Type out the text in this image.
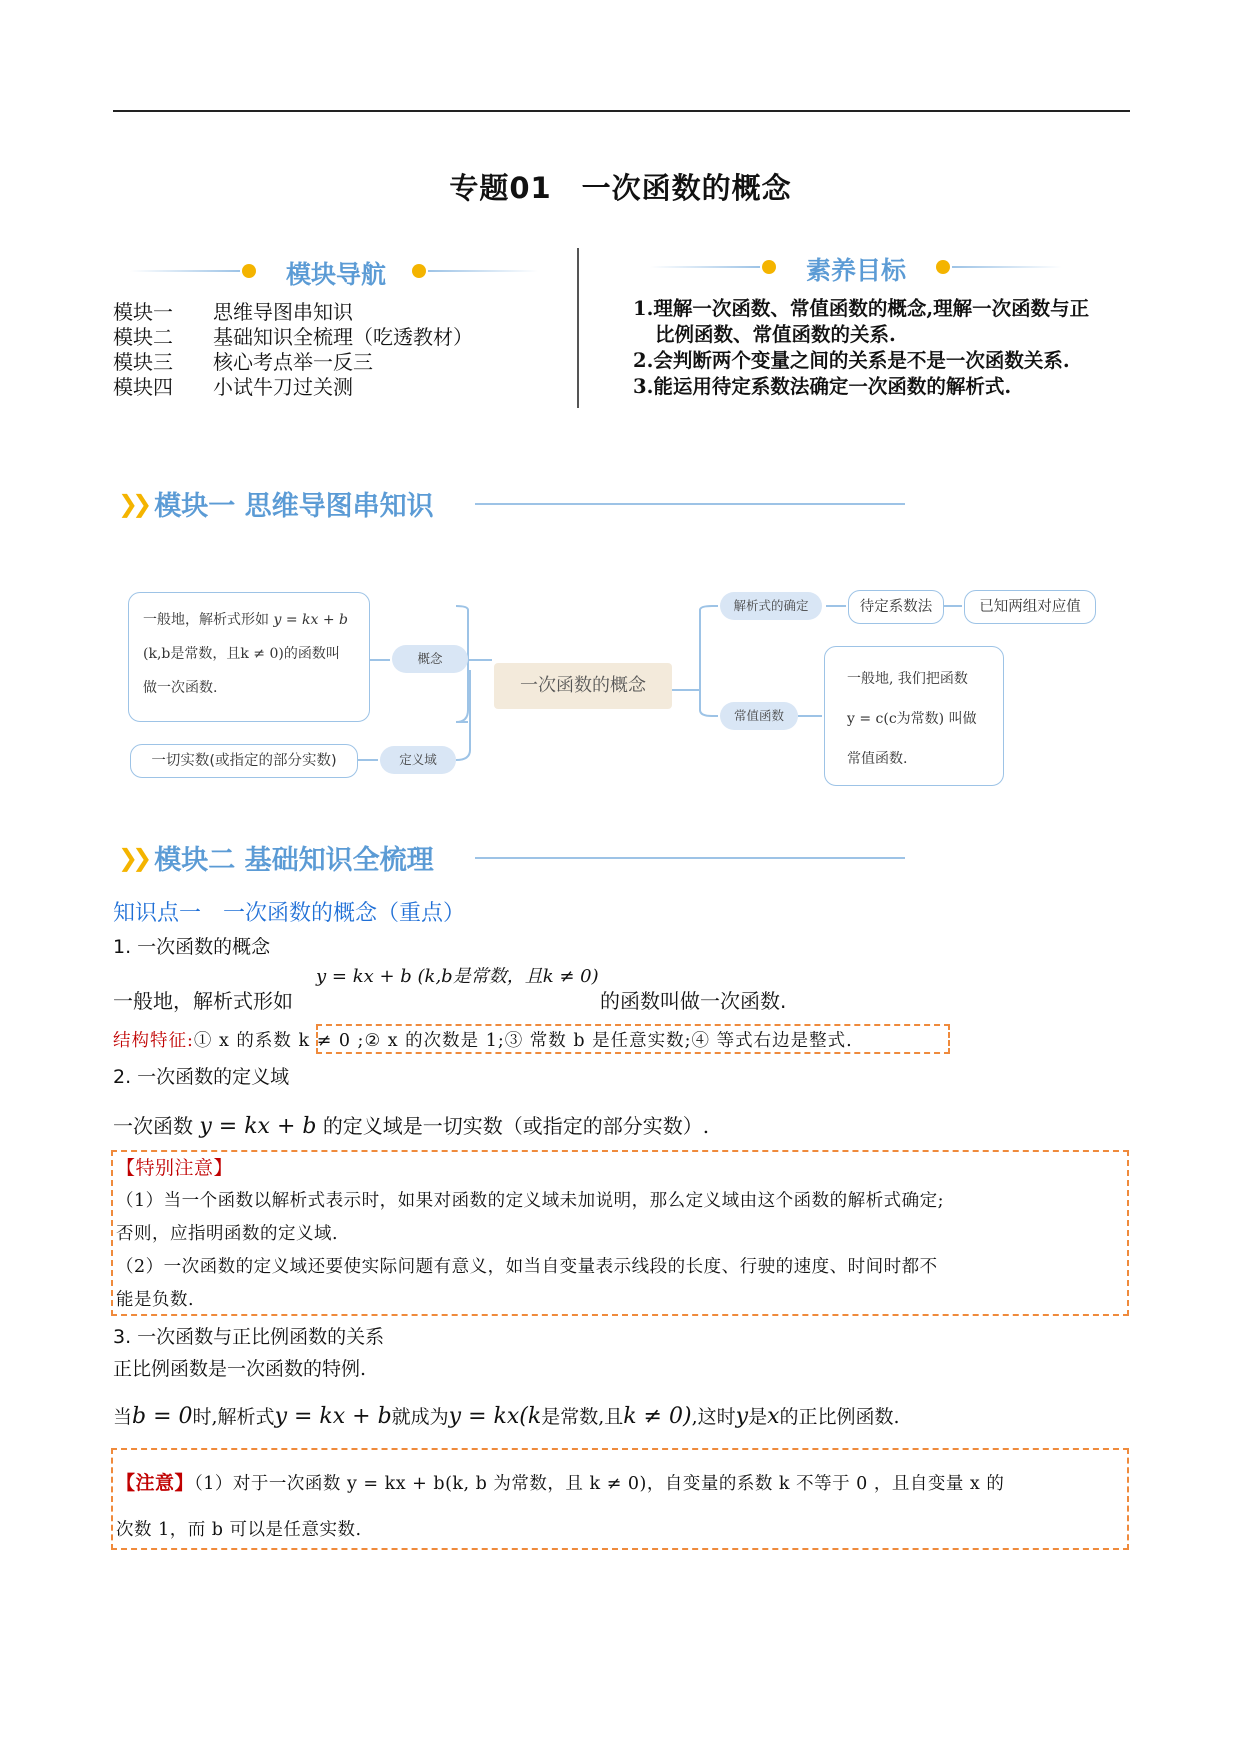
专题01 一次函数的概念
模块导航
模块一	思维导图串知识
模块二	基础知识全梳理（吃透教材）
模块三	核心考点举一反三
模块四	小试牛刀过关测
素养目标

1.理解一次函数、常值函数的概念,理解一次函数与正

比例函数、常值函数的关系.

2.会判断两个变量之间的关系是不是一次函数关系.

3.能运用待定系数法确定一次函数的解析式.

❯❯ 模块一 思维导图串知识
一般地，解析式形如 y = kx + b
(k,b是常数，且k ≠ 0)的函数叫
做一次函数.
概念
一切实数(或指定的部分实数)	定义域
一次函数的概念
解析式的确定	待定系数法	已知两组对应值
常值函数
一般地, 我们把函数
y = c(c为常数) 叫做
常值函数.
❯❯ 模块二 基础知识全梳理
知识点一　一次函数的概念（重点）
1. 一次函数的概念
一般地，解析式形如
y = kx + b (k,b是常数，且k ≠ 0)
的函数叫做一次函数.
结构特征:① x 的系数 k ≠ 0 ;② x 的次数是 1;③ 常数 b 是任意实数;④ 等式右边是整式.
2. 一次函数的定义域
一次函数 y = kx + b 的定义域是一切实数（或指定的部分实数）.
【特别注意】
（1）当一个函数以解析式表示时，如果对函数的定义域未加说明，那么定义域由这个函数的解析式确定;
否则，应指明函数的定义域.
（2）一次函数的定义域还要使实际问题有意义，如当自变量表示线段的长度、行驶的速度、时间时都不
能是负数.
3. 一次函数与正比例函数的关系
正比例函数是一次函数的特例.
当b = 0时,解析式y = kx + b就成为y = kx(k是常数,且k ≠ 0),这时y是x的正比例函数.
【注意】（1）对于一次函数 y = kx + b(k, b 为常数，且 k ≠ 0)，自变量的系数 k 不等于 0 ，且自变量 x 的
次数 1，而 b 可以是任意实数.
